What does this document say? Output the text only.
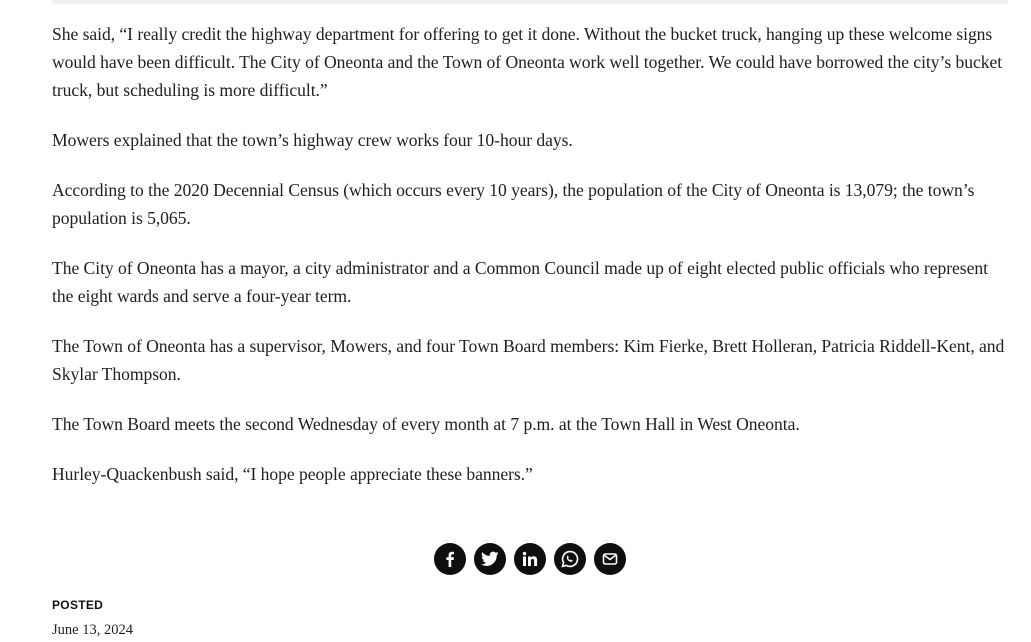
She said, “I really credit the highway department for offering to get it done. Without the bucket truck, hanging up these welcome signs would have been difficult. The City of Oneonta and the Town of Oneonta work well together. We could have borrowed the city’s bucket truck, but scheduling is more difficult.”

Mowers explained that the town’s highway crew works four 10-hour days.

According to the 2020 Decennial Census (which occurs every 10 years), the population of the City of Oneonta is 13,079; the town’s population is 5,065.

The City of Oneonta has a mayor, a city administrator and a Common Council made up of eight elected public officials who represent the eight wards and serve a four-year term.

The Town of Oneonta has a supervisor, Mowers, and four Town Board members: Kim Fierke, Brett Holleran, Patricia Riddell-Kent, and Skylar Thompson.

The Town Board meets the second Wednesday of every month at 7 p.m. at the Town Hall in West Oneonta.

Hurley-Quackenbush said, “I hope people appreciate these banners.”

POSTED
June 13, 2024
